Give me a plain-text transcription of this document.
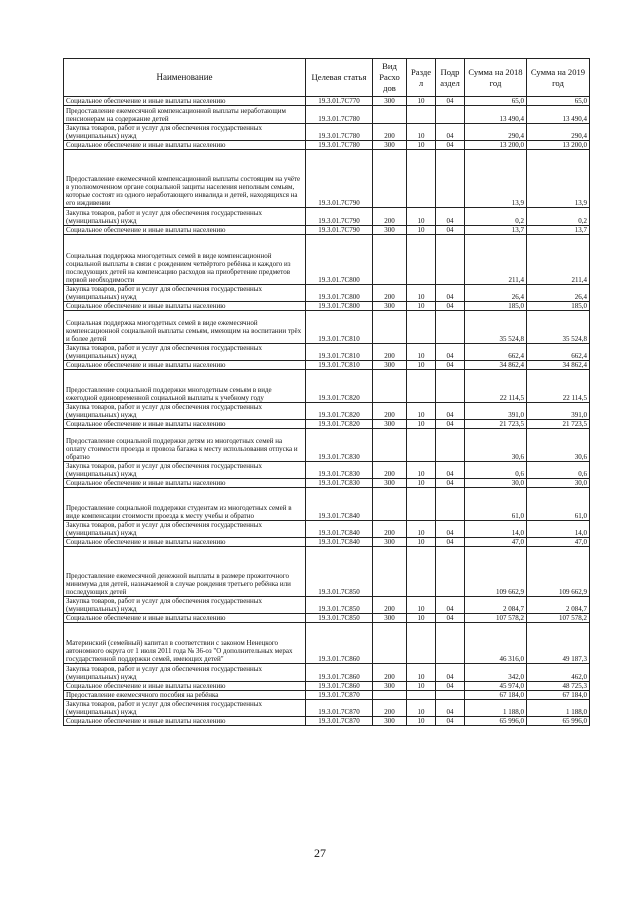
Наименование	Целевая статья	Вид Расхо дов	Разде л	Подр аздел	Сумма на 2018 год	Сумма на 2019 год
Социальное обеспечение и иные выплаты населению	19.3.01.7С770	300	10	04	65,0	65,0
Предоставление ежемесячной компенсационной выплаты неработающим пенсионерам на содержание детей	19.3.01.7С780				13 490,4	13 490,4
Закупка товаров, работ и услуг для обеспечения государственных (муниципальных) нужд	19.3.01.7С780	200	10	04	290,4	290,4
Социальное обеспечение и иные выплаты населению	19.3.01.7С780	300	10	04	13 200,0	13 200,0
Предоставление ежемесячной компенсационной выплаты состоящим на учёте в уполномоченном органе социальной защиты населения неполным семьям, которые состоят из одного неработающего инвалида и детей, находящихся на его иждивении	19.3.01.7С790				13,9	13,9
Закупка товаров, работ и услуг для обеспечения государственных (муниципальных) нужд	19.3.01.7С790	200	10	04	0,2	0,2
Социальное обеспечение и иные выплаты населению	19.3.01.7С790	300	10	04	13,7	13,7
Социальная поддержка многодетных семей в виде компенсационной социальной выплаты в связи с рождением четвёртого ребёнка и каждого из последующих детей на компенсацию расходов на приобретение предметов первой необходимости	19.3.01.7С800				211,4	211,4
Закупка товаров, работ и услуг для обеспечения государственных (муниципальных) нужд	19.3.01.7С800	200	10	04	26,4	26,4
Социальное обеспечение и иные выплаты населению	19.3.01.7С800	300	10	04	185,0	185,0
Социальная поддержка многодетных семей в виде ежемесячной компенсационной социальной выплаты семьям, имеющим на воспитании трёх и более детей	19.3.01.7С810				35 524,8	35 524,8
Закупка товаров, работ и услуг для обеспечения государственных (муниципальных) нужд	19.3.01.7С810	200	10	04	662,4	662,4
Социальное обеспечение и иные выплаты населению	19.3.01.7С810	300	10	04	34 862,4	34 862,4
Предоставление социальной поддержки многодетным семьям в виде ежегодной единовременной социальной выплаты к учебному году	19.3.01.7С820				22 114,5	22 114,5
Закупка товаров, работ и услуг для обеспечения государственных (муниципальных) нужд	19.3.01.7С820	200	10	04	391,0	391,0
Социальное обеспечение и иные выплаты населению	19.3.01.7С820	300	10	04	21 723,5	21 723,5
Предоставление социальной поддержки детям из многодетных семей на оплату стоимости проезда и провоза багажа к месту использования отпуска и обратно	19.3.01.7С830				30,6	30,6
Закупка товаров, работ и услуг для обеспечения государственных (муниципальных) нужд	19.3.01.7С830	200	10	04	0,6	0,6
Социальное обеспечение и иные выплаты населению	19.3.01.7С830	300	10	04	30,0	30,0
Предоставление социальной поддержки студентам из многодетных семей в виде компенсации стоимости проезда к месту учебы и обратно	19.3.01.7С840				61,0	61,0
Закупка товаров, работ и услуг для обеспечения государственных (муниципальных) нужд	19.3.01.7С840	200	10	04	14,0	14,0
Социальное обеспечение и иные выплаты населению	19.3.01.7С840	300	10	04	47,0	47,0
Предоставление ежемесячной денежной выплаты в размере прожиточного минимума для детей, назначаемой в случае рождения третьего ребёнка или последующих детей	19.3.01.7С850				109 662,9	109 662,9
Закупка товаров, работ и услуг для обеспечения государственных (муниципальных) нужд	19.3.01.7С850	200	10	04	2 084,7	2 084,7
Социальное обеспечение и иные выплаты населению	19.3.01.7С850	300	10	04	107 578,2	107 578,2
Материнский (семейный) капитал в соответствии с законом Ненецкого автономного округа от 1 июля 2011 года № 36-оз "О дополнительных мерах государственной поддержки семей, имеющих детей"	19.3.01.7С860				46 316,0	49 187,3
Закупка товаров, работ и услуг для обеспечения государственных (муниципальных) нужд	19.3.01.7С860	200	10	04	342,0	462,0
Социальное обеспечение и иные выплаты населению	19.3.01.7С860	300	10	04	45 974,0	48 725,3
Предоставление ежемесячного пособия на ребёнка	19.3.01.7С870				67 184,0	67 184,0
Закупка товаров, работ и услуг для обеспечения государственных (муниципальных) нужд	19.3.01.7С870	200	10	04	1 188,0	1 188,0
Социальное обеспечение и иные выплаты населению	19.3.01.7С870	300	10	04	65 996,0	65 996,0
27
